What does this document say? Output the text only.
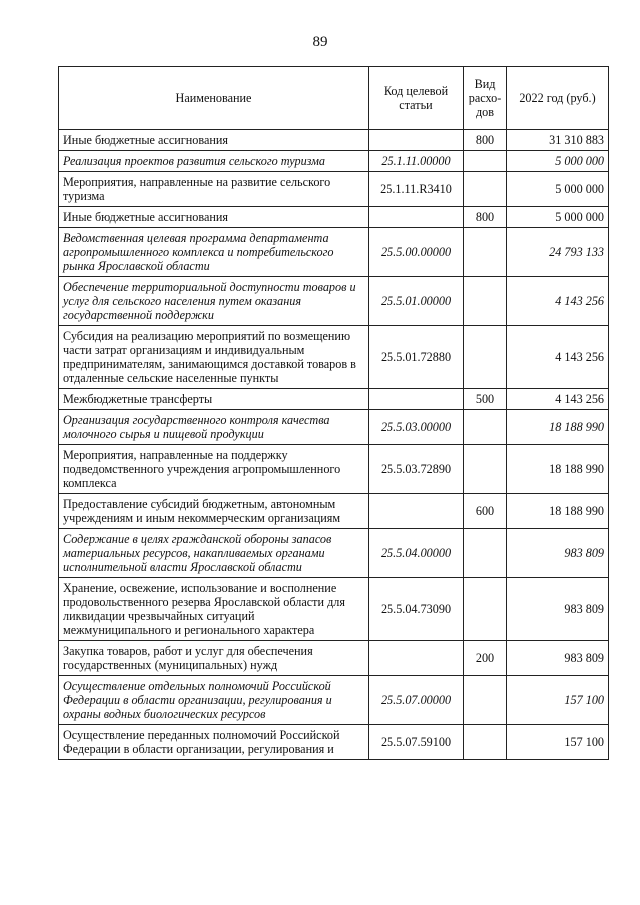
89
Наименование	Код целевой статьи	Вид расхо-дов	2022 год (руб.)
Иные бюджетные ассигнования		800	31 310 883
Реализация проектов развития сельского туризма	25.1.11.00000		5 000 000
Мероприятия, направленные на развитие сельского туризма	25.1.11.R3410		5 000 000
Иные бюджетные ассигнования		800	5 000 000
Ведомственная целевая программа департамента агропромышленного комплекса и потребительского рынка Ярославской области	25.5.00.00000		24 793 133
Обеспечение территориальной доступности товаров и услуг для сельского населения путем оказания государственной поддержки	25.5.01.00000		4 143 256
Субсидия на реализацию мероприятий по возмещению части затрат организациям и индивидуальным предпринимателям, занимающимся доставкой товаров в отдаленные сельские населенные пункты	25.5.01.72880		4 143 256
Межбюджетные трансферты		500	4 143 256
Организация государственного контроля качества молочного сырья и пищевой продукции	25.5.03.00000		18 188 990
Мероприятия, направленные на поддержку подведомственного учреждения агропромышленного комплекса	25.5.03.72890		18 188 990
Предоставление субсидий бюджетным, автономным учреждениям и иным некоммерческим организациям		600	18 188 990
Содержание в целях гражданской обороны запасов материальных ресурсов, накапливаемых органами исполнительной власти Ярославской области	25.5.04.00000		983 809
Хранение, освежение, использование и восполнение продовольственного резерва Ярославской области для ликвидации чрезвычайных ситуаций межмуниципального и регионального характера	25.5.04.73090		983 809
Закупка товаров, работ и услуг для обеспечения государственных (муниципальных) нужд		200	983 809
Осуществление отдельных полномочий Российской Федерации в области организации, регулирования и охраны водных биологических ресурсов	25.5.07.00000		157 100
Осуществление переданных полномочий Российской Федерации в области организации, регулирования и	25.5.07.59100		157 100
